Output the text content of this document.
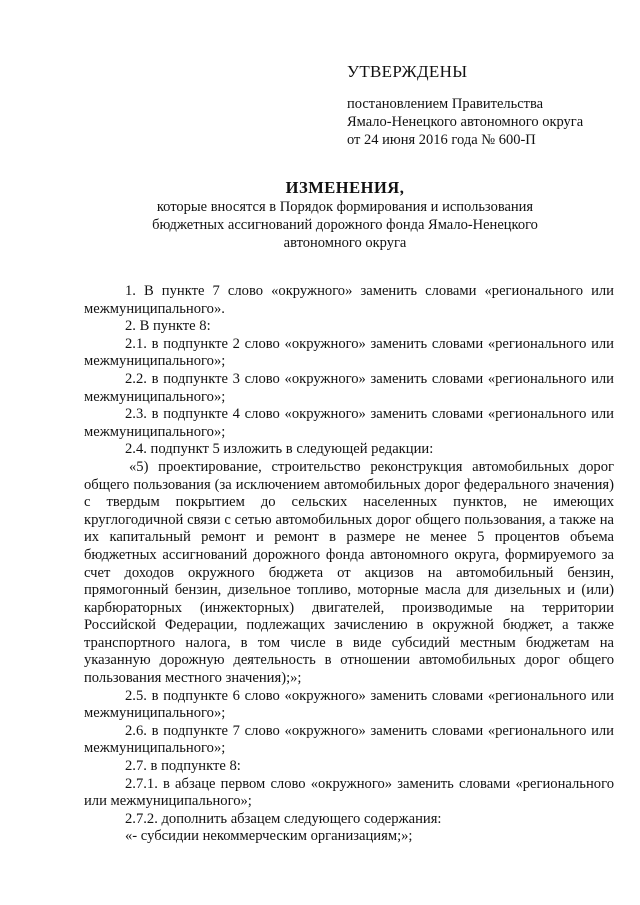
УТВЕРЖДЕНЫ
постановлением Правительства
Ямало-Ненецкого автономного округа
от 24 июня 2016 года № 600-П
ИЗМЕНЕНИЯ,
которые вносятся в Порядок формирования и использования
бюджетных ассигнований дорожного фонда Ямало-Ненецкого
автономного округа

1. В пункте 7 слово «окружного» заменить словами «регионального или межмуниципального».

2. В пункте 8:

2.1. в подпункте 2 слово «окружного» заменить словами «регионального или межмуниципального»;

2.2. в подпункте 3 слово «окружного» заменить словами «регионального или межмуниципального»;

2.3. в подпункте 4 слово «окружного» заменить словами «регионального или межмуниципального»;

2.4. подпункт 5 изложить в следующей редакции:

«5) проектирование, строительство реконструкция автомобильных дорог общего пользования (за исключением автомобильных дорог федерального значения) с твердым покрытием до сельских населенных пунктов, не имеющих круглогодичной связи с сетью автомобильных дорог общего пользования, а также на их капитальный ремонт и ремонт в размере не менее 5 процентов объема бюджетных ассигнований дорожного фонда автономного округа, формируемого за счет доходов окружного бюджета от акцизов на автомобильный бензин, прямогонный бензин, дизельное топливо, моторные масла для дизельных и (или) карбюраторных (инжекторных) двигателей, производимые на территории Российской Федерации, подлежащих зачислению в окружной бюджет, а также транспортного налога, в том числе в виде субсидий местным бюджетам на указанную дорожную деятельность в отношении автомобильных дорог общего пользования местного значения);»;

2.5. в подпункте 6 слово «окружного» заменить словами «регионального или межмуниципального»;

2.6. в подпункте 7 слово «окружного» заменить словами «регионального или межмуниципального»;

2.7. в подпункте 8:

2.7.1. в абзаце первом слово «окружного» заменить словами «регионального или межмуниципального»;

2.7.2. дополнить абзацем следующего содержания:

«- субсидии некоммерческим организациям;»;
